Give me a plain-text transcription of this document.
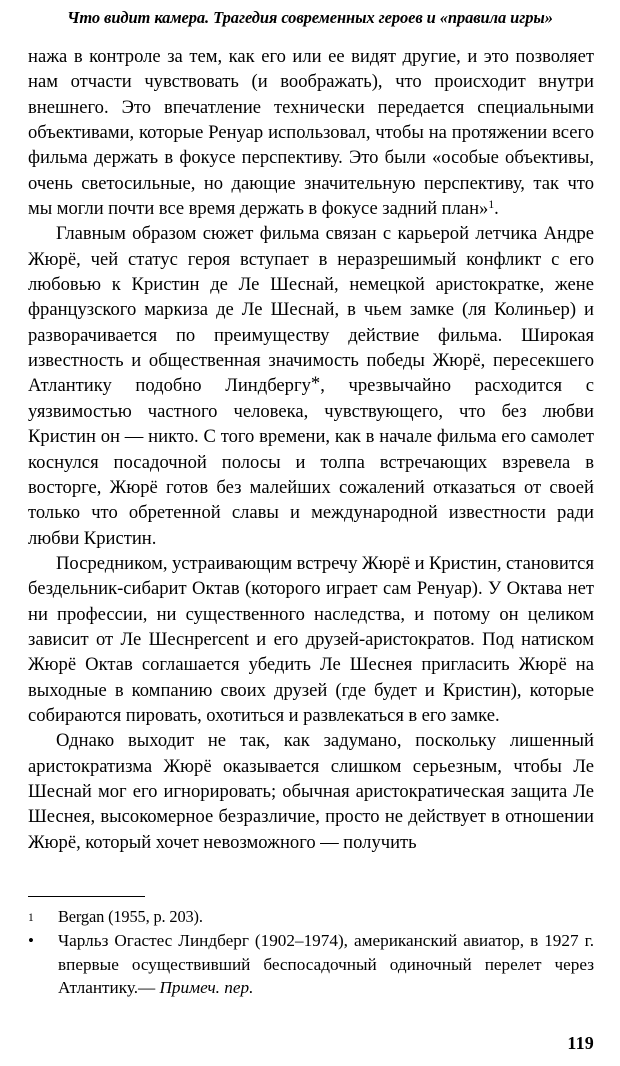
Что видит камера. Трагедия современных героев и «правила игры»

нажа в контроле за тем, как его или ее видят другие, и это позволяет нам отчасти чувствовать (и воображать), что происходит внутри внешнего. Это впечатление технически передается специальными объективами, которые Ренуар использовал, чтобы на протяжении всего фильма держать в фокусе перспективу. Это были «особые объективы, очень светосильные, но дающие значительную перспективу, так что мы могли почти все время держать в фокусе задний план»$^1$.

Главным образом сюжет фильма связан с карьерой летчика Андре Жюрё, чей статус героя вступает в неразрешимый конфликт с его любовью к Кристин де Ле Шеснай, немецкой аристократке, жене французского маркиза де Ле Шеснай, в чьем замке (ля Колиньер) и разворачивается по преимуществу действие фильма. Широкая известность и общественная значимость победы Жюрё, пересекшего Атлантику подобно Линдбергу*, чрезвычайно расходится с уязвимостью частного человека, чувствующего, что без любви Кристин он — никто. С того времени, как в начале фильма его самолет коснулся посадочной полосы и толпа встречающих взревела в восторге, Жюрё готов без малейших сожалений отказаться от своей только что обретенной славы и международной известности ради любви Кристин.

Посредником, устраивающим встречу Жюрё и Кристин, становится бездельник-сибарит Октав (которого играет сам Ренуар). У Октава нет ни профессии, ни существенного наследства, и потому он целиком зависит от Ле Шеснpercent и его друзей-аристократов. Под натиском Жюрё Октав соглашается убедить Ле Шеснея пригласить Жюрё на выходные в компанию своих друзей (где будет и Кристин), которые собираются пировать, охотиться и развлекаться в его замке.

Однако выходит не так, как задумано, поскольку лишенный аристократизма Жюрё оказывается слишком серьезным, чтобы Ле Шеснай мог его игнорировать; обычная аристократическая защита Ле Шеснея, высокомерное безразличие, просто не действует в отношении Жюрё, который хочет невозможного — получить

1	Bergan (1955, p. 203).
•	Чарльз Огастес Линдберг (1902–1974), американский авиатор, в 1927 г. впервые осуществивший беспосадочный одиночный перелет через Атлантику.— Примеч. пер.
119
